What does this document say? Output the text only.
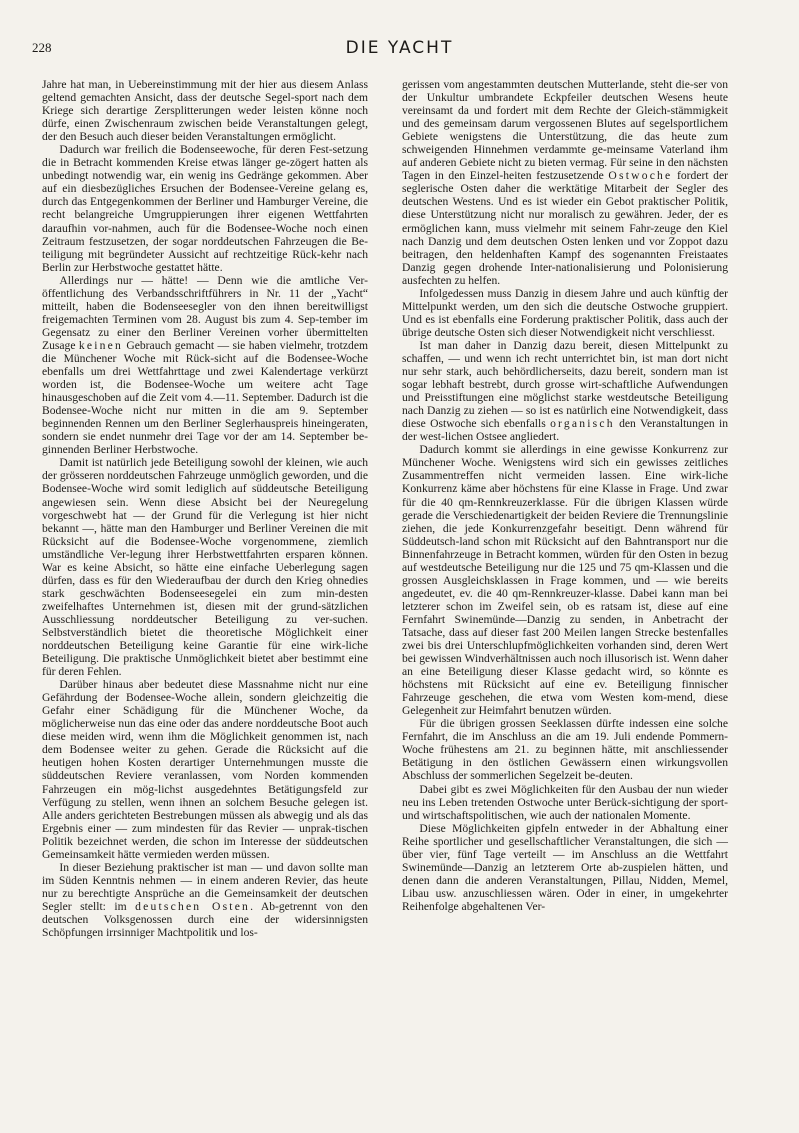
228	DIE YACHT

Jahre hat man, in Uebereinstimmung mit der hier aus diesem Anlass geltend gemachten Ansicht, dass der deutsche Segel-sport nach dem Kriege sich derartige Zersplitterungen weder leisten könne noch dürfe, einen Zwischenraum zwischen beide Veranstaltungen gelegt, der den Besuch auch dieser beiden Veranstaltungen ermöglicht.

Dadurch war freilich die Bodenseewoche, für deren Fest-setzung die in Betracht kommenden Kreise etwas länger ge-zögert hatten als unbedingt notwendig war, ein wenig ins Gedränge gekommen. Aber auf ein diesbezügliches Ersuchen der Bodensee-Vereine gelang es, durch das Entgegenkommen der Berliner und Hamburger Vereine, die recht belangreiche Umgruppierungen ihrer eigenen Wettfahrten daraufhin vor-nahmen, auch für die Bodensee-Woche noch einen Zeitraum festzusetzen, der sogar norddeutschen Fahrzeugen die Be-teiligung mit begründeter Aussicht auf rechtzeitige Rück-kehr nach Berlin zur Herbstwoche gestattet hätte.

Allerdings nur — hätte! — Denn wie die amtliche Ver-öffentlichung des Verbandsschriftführers in Nr. 11 der „Yacht“ mitteilt, haben die Bodenseesegler von den ihnen bereitwilligst freigemachten Terminen vom 28. August bis zum 4. Sep-tember im Gegensatz zu einer den Berliner Vereinen vorher übermittelten Zusage keinen Gebrauch gemacht — sie haben vielmehr, trotzdem die Münchener Woche mit Rück-sicht auf die Bodensee-Woche ebenfalls um drei Wettfahrttage und zwei Kalendertage verkürzt worden ist, die Bodensee-Woche um weitere acht Tage hinausgeschoben auf die Zeit vom 4.—11. September. Dadurch ist die Bodensee-Woche nicht nur mitten in die am 9. September beginnenden Rennen um den Berliner Seglerhauspreis hineingeraten, sondern sie endet nunmehr drei Tage vor der am 14. September be-ginnenden Berliner Herbstwoche.

Damit ist natürlich jede Beteiligung sowohl der kleinen, wie auch der grösseren norddeutschen Fahrzeuge unmöglich geworden, und die Bodensee-Woche wird somit lediglich auf süddeutsche Beteiligung angewiesen sein. Wenn diese Absicht bei der Neuregelung vorgeschwebt hat — der Grund für die Verlegung ist hier nicht bekannt —, hätte man den Hamburger und Berliner Vereinen die mit Rücksicht auf die Bodensee-Woche vorgenommene, ziemlich umständliche Ver-legung ihrer Herbstwettfahrten ersparen können. War es keine Absicht, so hätte eine einfache Ueberlegung sagen dürfen, dass es für den Wiederaufbau der durch den Krieg ohnedies stark geschwächten Bodenseesegelei ein zum min-desten zweifelhaftes Unternehmen ist, diesen mit der grund-sätzlichen Ausschliessung norddeutscher Beteiligung zu ver-suchen. Selbstverständlich bietet die theoretische Möglichkeit einer norddeutschen Beteiligung keine Garantie für eine wirk-liche Beteiligung. Die praktische Unmöglichkeit bietet aber bestimmt eine für deren Fehlen.

Darüber hinaus aber bedeutet diese Massnahme nicht nur eine Gefährdung der Bodensee-Woche allein, sondern gleichzeitig die Gefahr einer Schädigung für die Münchener Woche, da möglicherweise nun das eine oder das andere norddeutsche Boot auch diese meiden wird, wenn ihm die Möglichkeit genommen ist, nach dem Bodensee weiter zu gehen. Gerade die Rücksicht auf die heutigen hohen Kosten derartiger Unternehmungen musste die süddeutschen Reviere veranlassen, vom Norden kommenden Fahrzeugen ein mög-lichst ausgedehntes Betätigungsfeld zur Verfügung zu stellen, wenn ihnen an solchem Besuche gelegen ist. Alle anders gerichteten Bestrebungen müssen als abwegig und als das Ergebnis einer — zum mindesten für das Revier — unprak-tischen Politik bezeichnet werden, die schon im Interesse der süddeutschen Gemeinsamkeit hätte vermieden werden müssen.

In dieser Beziehung praktischer ist man — und davon sollte man im Süden Kenntnis nehmen — in einem anderen Revier, das heute nur zu berechtigte Ansprüche an die Gemeinsamkeit der deutschen Segler stellt: im deutschen Osten. Ab-getrennt von den deutschen Volksgenossen durch eine der widersinnigsten Schöpfungen irrsinniger Machtpolitik und los-

gerissen vom angestammten deutschen Mutterlande, steht die-ser von der Unkultur umbrandete Eckpfeiler deutschen Wesens heute vereinsamt da und fordert mit dem Rechte der Gleich-stämmigkeit und des gemeinsam darum vergossenen Blutes auf segelsportlichem Gebiete wenigstens die Unterstützung, die das heute zum schweigenden Hinnehmen verdammte ge-meinsame Vaterland ihm auf anderen Gebiete nicht zu bieten vermag. Für seine in den nächsten Tagen in den Einzel-heiten festzusetzende Ostwoche fordert der seglerische Osten daher die werktätige Mitarbeit der Segler des deutschen Westens. Und es ist wieder ein Gebot praktischer Politik, diese Unterstützung nicht nur moralisch zu gewähren. Jeder, der es ermöglichen kann, muss vielmehr mit seinem Fahr-zeuge den Kiel nach Danzig und dem deutschen Osten lenken und vor Zoppot dazu beitragen, den heldenhaften Kampf des sogenannten Freistaates Danzig gegen drohende Inter-nationalisierung und Polonisierung ausfechten zu helfen.

Infolgedessen muss Danzig in diesem Jahre und auch künftig der Mittelpunkt werden, um den sich die deutsche Ostwoche gruppiert. Und es ist ebenfalls eine Forderung praktischer Politik, dass auch der übrige deutsche Osten sich dieser Notwendigkeit nicht verschliesst.

Ist man daher in Danzig dazu bereit, diesen Mittelpunkt zu schaffen, — und wenn ich recht unterrichtet bin, ist man dort nicht nur sehr stark, auch behördlicherseits, dazu bereit, sondern man ist sogar lebhaft bestrebt, durch grosse wirt-schaftliche Aufwendungen und Preisstiftungen eine möglichst starke westdeutsche Beteiligung nach Danzig zu ziehen — so ist es natürlich eine Notwendigkeit, dass diese Ostwoche sich ebenfalls organisch den Veranstaltungen in der west-lichen Ostsee angliedert.

Dadurch kommt sie allerdings in eine gewisse Konkurrenz zur Münchener Woche. Wenigstens wird sich ein gewisses zeitliches Zusammentreffen nicht vermeiden lassen. Eine wirk-liche Konkurrenz käme aber höchstens für eine Klasse in Frage. Und zwar für die 40 qm-Rennkreuzerklasse. Für die übrigen Klassen würde gerade die Verschiedenartigkeit der beiden Reviere die Trennungslinie ziehen, die jede Konkurrenzgefahr beseitigt. Denn während für Süddeutsch-land schon mit Rücksicht auf den Bahntransport nur die Binnenfahrzeuge in Betracht kommen, würden für den Osten in bezug auf westdeutsche Beteiligung nur die 125 und 75 qm-Klassen und die grossen Ausgleichsklassen in Frage kommen, und — wie bereits angedeutet, ev. die 40 qm-Rennkreuzer-klasse. Dabei kann man bei letzterer schon im Zweifel sein, ob es ratsam ist, diese auf eine Fernfahrt Swinemünde—Danzig zu senden, in Anbetracht der Tatsache, dass auf dieser fast 200 Meilen langen Strecke bestenfalles zwei bis drei Unterschlupfmöglichkeiten vorhanden sind, deren Wert bei gewissen Windverhältnissen auch noch illusorisch ist. Wenn daher an eine Beteiligung dieser Klasse gedacht wird, so könnte es höchstens mit Rücksicht auf eine ev. Beteiligung finnischer Fahrzeuge geschehen, die etwa vom Westen kom-mend, diese Gelegenheit zur Heimfahrt benutzen würden.

Für die übrigen grossen Seeklassen dürfte indessen eine solche Fernfahrt, die im Anschluss an die am 19. Juli endende Pommern-Woche frühestens am 21. zu beginnen hätte, mit anschliessender Betätigung in den östlichen Gewässern einen wirkungsvollen Abschluss der sommerlichen Segelzeit be-deuten.

Dabei gibt es zwei Möglichkeiten für den Ausbau der nun wieder neu ins Leben tretenden Ostwoche unter Berück-sichtigung der sport- und wirtschaftspolitischen, wie auch der nationalen Momente.

Diese Möglichkeiten gipfeln entweder in der Abhaltung einer Reihe sportlicher und gesellschaftlicher Veranstaltungen, die sich — über vier, fünf Tage verteilt — im Anschluss an die Wettfahrt Swinemünde—Danzig an letzterem Orte ab-zuspielen hätten, und denen dann die anderen Veranstaltungen, Pillau, Nidden, Memel, Libau usw. anzuschliessen wären. Oder in einer, in umgekehrter Reihenfolge abgehaltenen Ver-
